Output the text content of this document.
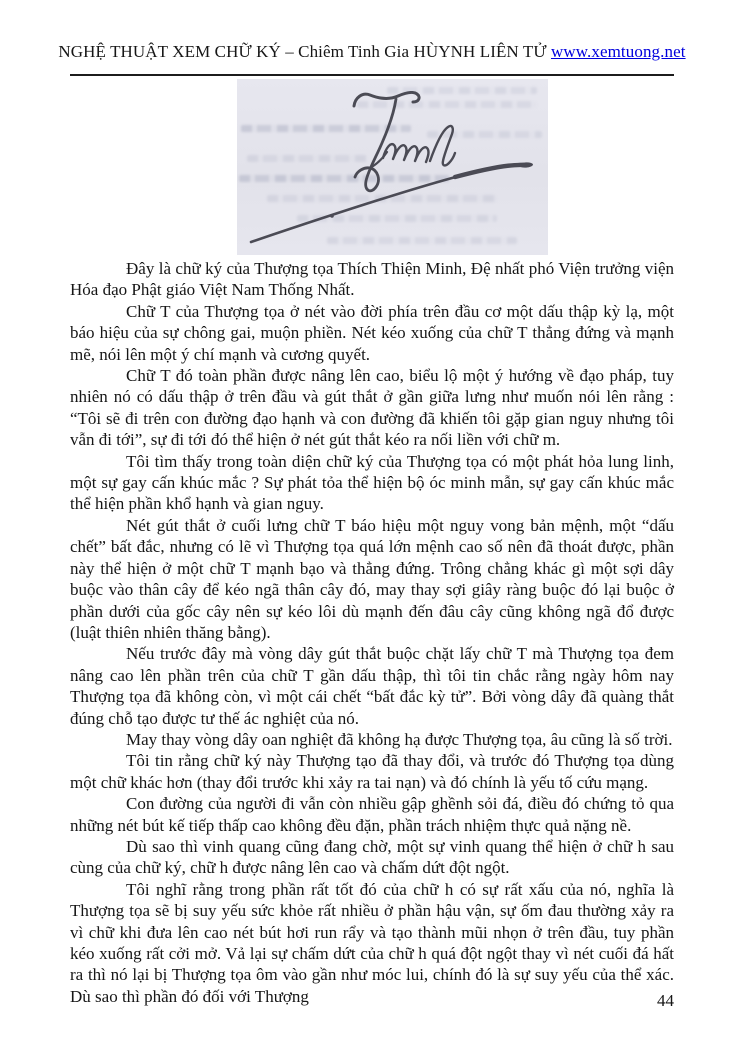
NGHỆ THUẬT XEM CHỮ KÝ – Chiêm Tinh Gia HÙYNH LIÊN TỬ www.xemtuong.net

Đây là chữ ký của Thượng tọa Thích Thiện Minh, Đệ nhất phó Viện trưởng viện Hóa đạo Phật giáo Việt Nam Thống Nhất.

Chữ T của Thượng tọa ở nét vào đời phía trên đầu cơ một dấu thập kỳ lạ, một báo hiệu của sự chông gai, muộn phiền. Nét kéo xuống của chữ T thẳng đứng và mạnh mẽ, nói lên một ý chí mạnh và cương quyết.

Chữ T đó toàn phần được nâng lên cao, biểu lộ một ý hướng về đạo pháp, tuy nhiên nó có dấu thập ở trên đầu và gút thắt ở gần giữa lưng như muốn nói lên rằng : “Tôi sẽ đi trên con đường đạo hạnh và con đường đã khiến tôi gặp gian nguy nhưng tôi vẫn đi tới”, sự đi tới đó thể hiện ở nét gút thắt kéo ra nối liền với chữ m.

Tôi tìm thấy trong toàn diện chữ ký của Thượng tọa có một phát hỏa lung linh, một sự gay cấn khúc mắc ? Sự phát tỏa thể hiện bộ óc minh mẫn, sự gay cấn khúc mắc thể hiện phần khổ hạnh và gian nguy.

Nét gút thắt ở cuối lưng chữ T báo hiệu một nguy vong bản mệnh, một “dấu chết” bất đắc, nhưng có lẽ vì Thượng tọa quá lớn mệnh cao số nên đã thoát được, phần này thể hiện ở một chữ T mạnh bạo và thẳng đứng. Trông chẳng khác gì một sợi dây buộc vào thân cây để kéo ngã thân cây đó, may thay sợi giây ràng buộc đó lại buộc ở phần dưới của gốc cây nên sự kéo lôi dù mạnh đến đâu cây cũng không ngã đổ được (luật thiên nhiên thăng bằng).

Nếu trước đây mà vòng dây gút thắt buộc chặt lấy chữ T mà Thượng tọa đem nâng cao lên phần trên của chữ T gần dấu thập, thì tôi tin chắc rằng ngày hôm nay Thượng tọa đã không còn, vì một cái chết “bất đắc kỳ tử”. Bởi vòng dây đã quàng thắt đúng chỗ tạo được tư thế ác nghiệt của nó.

May thay vòng dây oan nghiệt đã không hạ được Thượng tọa, âu cũng là số trời.

Tôi tin rằng chữ ký này Thượng tạo đã thay đổi, và trước đó Thượng tọa dùng một chữ khác hơn (thay đổi trước khi xảy ra tai nạn) và đó chính là yếu tố cứu mạng.

Con đường của người đi vẫn còn nhiều gập ghềnh sỏi đá, điều đó chứng tỏ qua những nét bút kế tiếp thấp cao không đều đặn, phần trách nhiệm thực quả nặng nề.

Dù sao thì vinh quang cũng đang chờ, một sự vinh quang thể hiện ở chữ h sau cùng của chữ ký, chữ h được nâng lên cao và chấm dứt đột ngột.

Tôi nghĩ rằng trong phần rất tốt đó của chữ h có sự rất xấu của nó, nghĩa là Thượng tọa sẽ bị suy yếu sức khỏe rất nhiều ở phần hậu vận, sự ốm đau thường xảy ra vì chữ khi đưa lên cao nét bút hơi run rẩy và tạo thành mũi nhọn ở trên đầu, tuy phần kéo xuống rất cởi mở. Vả lại sự chấm dứt của chữ h quá đột ngột thay vì nét cuối đá hất ra thì nó lại bị Thượng tọa ôm vào gần như móc lui, chính đó là sự suy yếu của thể xác. Dù sao thì phần đó đối với Thượng	44
